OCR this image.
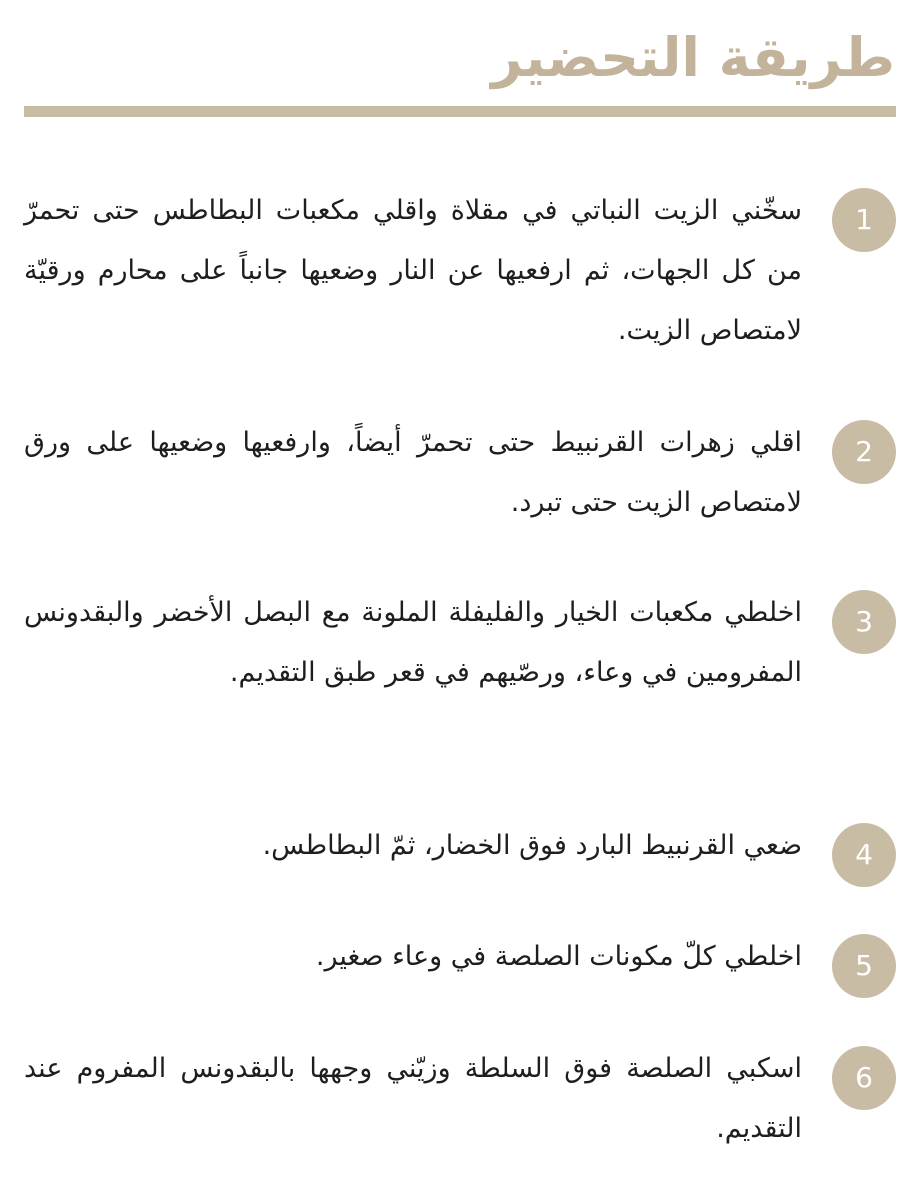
طريقة التحضير
1

سخّني الزيت النباتي في مقلاة واقلي مكعبات البطاطس حتى تحمرّ من كل الجهات، ثم ارفعيها عن النار وضعيها جانباً على محارم ورقيّة لامتصاص الزيت.

2

اقلي زهرات القرنبيط حتى تحمرّ أيضاً، وارفعيها وضعيها على ورق لامتصاص الزيت حتى تبرد.

3

اخلطي مكعبات الخيار والفليفلة الملونة مع البصل الأخضر والبقدونس المفرومين في وعاء، ورصّيهم في قعر طبق التقديم.

4

ضعي القرنبيط البارد فوق الخضار، ثمّ البطاطس.

5

اخلطي كلّ مكونات الصلصة في وعاء صغير.

6

اسكبي الصلصة فوق السلطة وزيّني وجهها بالبقدونس المفروم عند التقديم.
